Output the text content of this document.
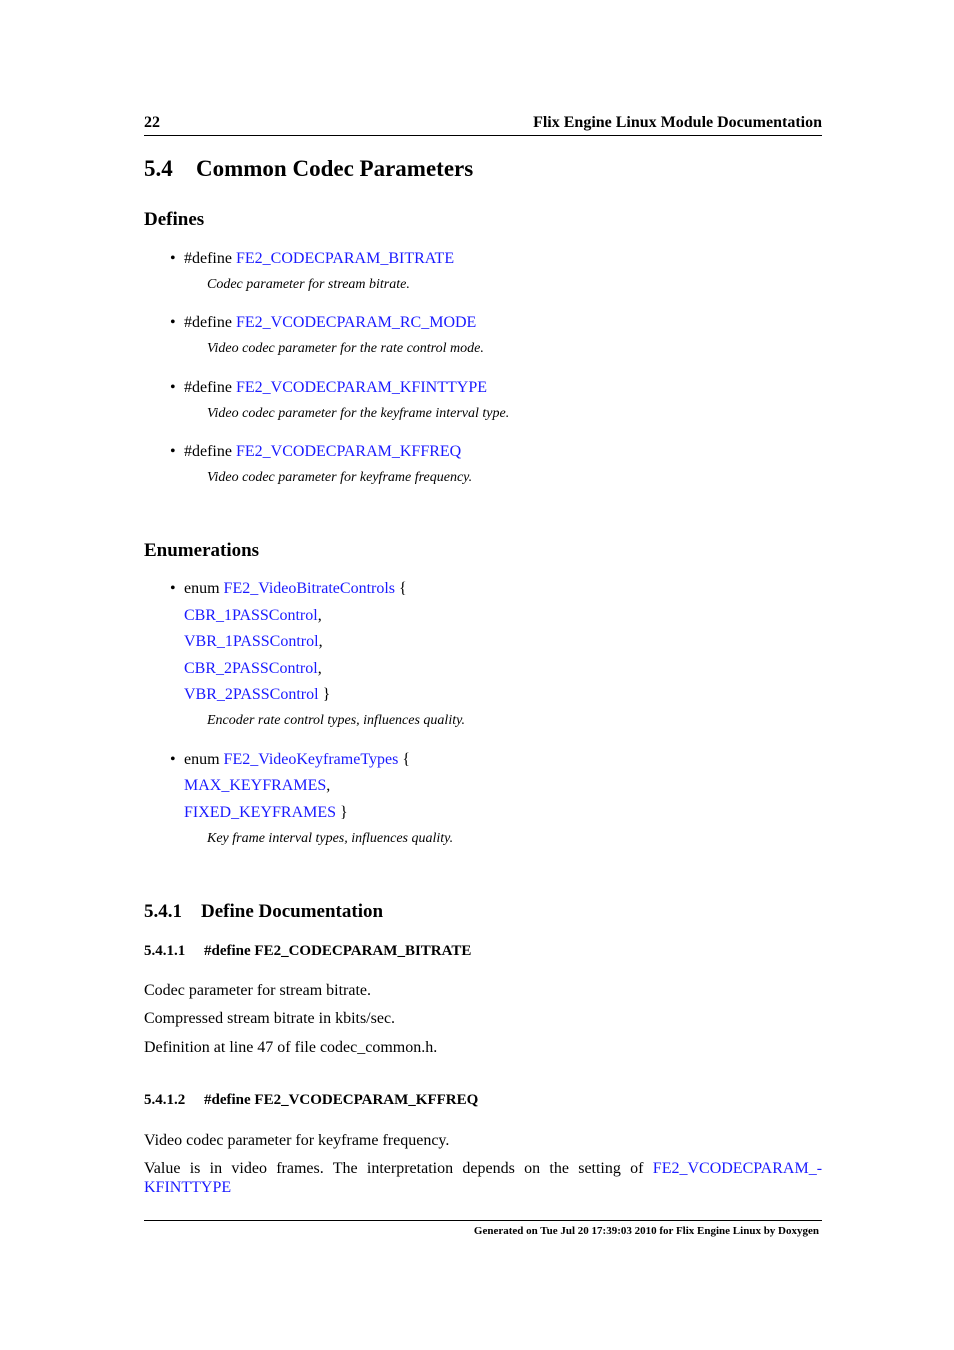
22	Flix Engine Linux Module Documentation
5.4 Common Codec Parameters
Defines
• #define FE2_CODECPARAM_BITRATE
Codec parameter for stream bitrate.
• #define FE2_VCODECPARAM_RC_MODE
Video codec parameter for the rate control mode.
• #define FE2_VCODECPARAM_KFINTTYPE
Video codec parameter for the keyframe interval type.
• #define FE2_VCODECPARAM_KFFREQ
Video codec parameter for keyframe frequency.
Enumerations
• enum FE2_VideoBitrateControls {
CBR_1PASSControl,
VBR_1PASSControl,
CBR_2PASSControl,
VBR_2PASSControl }
Encoder rate control types, influences quality.
• enum FE2_VideoKeyframeTypes {
MAX_KEYFRAMES,
FIXED_KEYFRAMES }
Key frame interval types, influences quality.
5.4.1 Define Documentation
5.4.1.1 #define FE2_CODECPARAM_BITRATE
Codec parameter for stream bitrate.
Compressed stream bitrate in kbits/sec.
Definition at line 47 of file codec_common.h.
5.4.1.2 #define FE2_VCODECPARAM_KFFREQ
Video codec parameter for keyframe frequency.
Value is in video frames. The interpretation depends on the setting of FE2_VCODECPARAM_-
KFINTTYPE
Generated on Tue Jul 20 17:39:03 2010 for Flix Engine Linux by Doxygen
